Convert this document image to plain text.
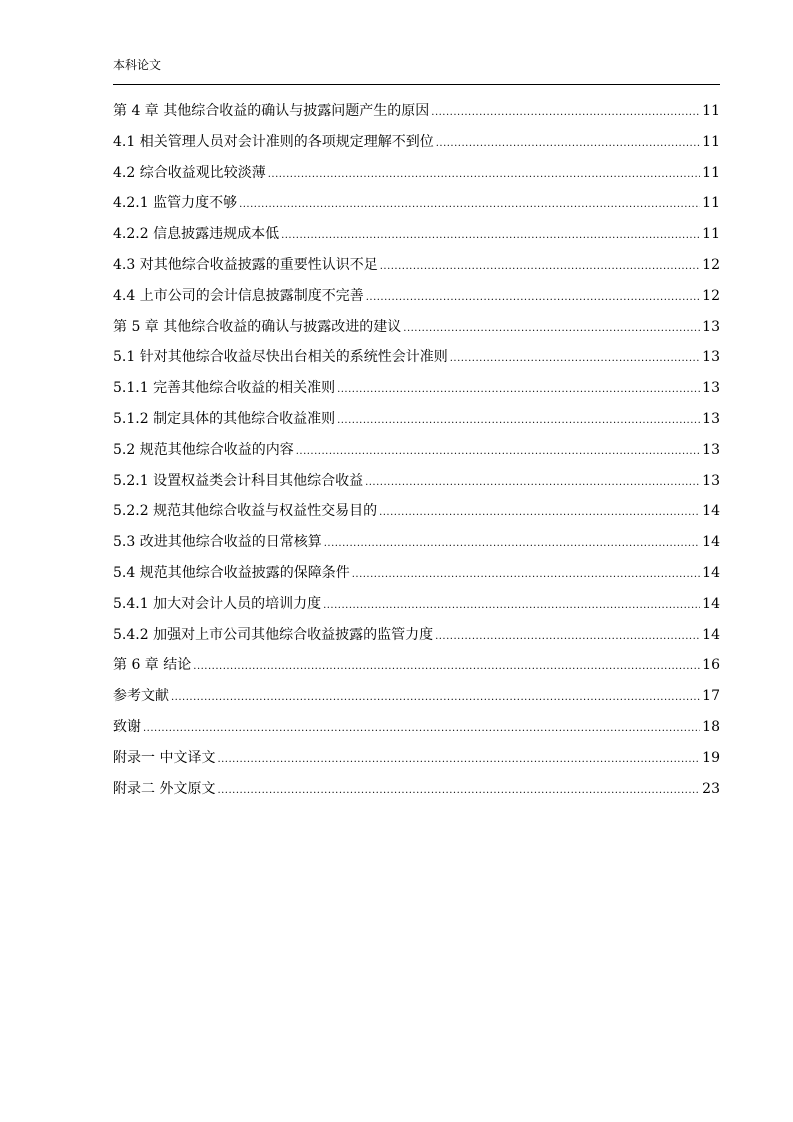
本科论文
第 4 章 其他综合收益的确认与披露问题产生的原因 .....	11
4.1 相关管理人员对会计准则的各项规定理解不到位 .....	11
4.2 综合收益观比较淡薄 .....	11
4.2.1 监管力度不够 .....	11
4.2.2 信息披露违规成本低 .....	11
4.3 对其他综合收益披露的重要性认识不足 .....	12
4.4 上市公司的会计信息披露制度不完善 .....	12
第 5 章 其他综合收益的确认与披露改进的建议 .....	13
5.1 针对其他综合收益尽快出台相关的系统性会计准则 .....	13
5.1.1 完善其他综合收益的相关准则 .....	13
5.1.2 制定具体的其他综合收益准则 .....	13
5.2 规范其他综合收益的内容 .....	13
5.2.1 设置权益类会计科目其他综合收益 .....	13
5.2.2 规范其他综合收益与权益性交易目的 .....	14
5.3 改进其他综合收益的日常核算 .....	14
5.4 规范其他综合收益披露的保障条件 .....	14
5.4.1 加大对会计人员的培训力度 .....	14
5.4.2 加强对上市公司其他综合收益披露的监管力度 .....	14
第 6 章 结论 .....	16
参考文献 .....	17
致谢 .....	18
附录一 中文译文 .....	19
附录二 外文原文 .....	23
